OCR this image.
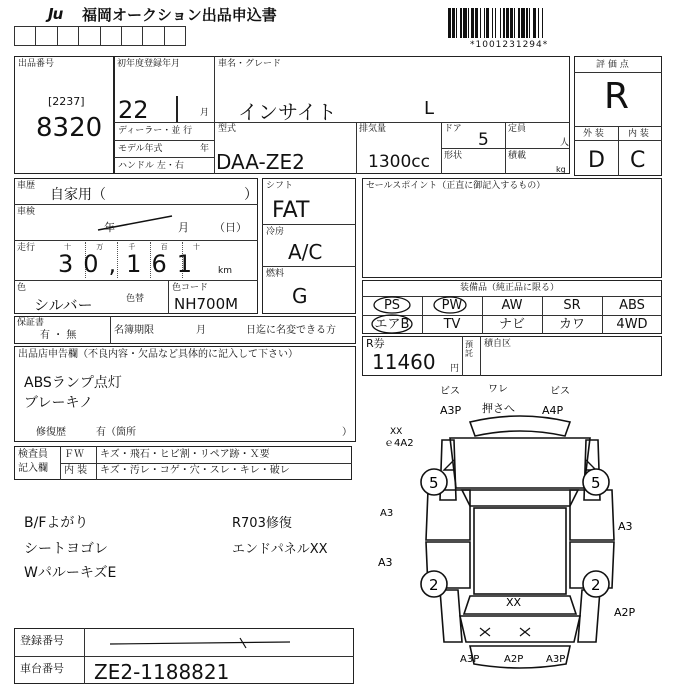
Ju 福岡オークション出品申込書
*1001231294*
出品番号
[2237]
8320
初年度登録年月
22	月
車名・グレード
インサイト	L
ディーラー・並 行
モデル年式	年
ハンドル 左・右
型式
DAA-ZE2
排気量
1300cc
ドア
5
定員
人
形状	積載
kg
評 価 点
R
外 装	内 装
D C
車歴
自家用（	）
車検
年	月 （日）
走行	十	万	千	百	十
30,161 km
色
シルバー	色替
色コード
NH700M
シフト
FAT
冷房
A/C
燃料
G
セールスポイント（正直に御記入するもの）
装備品（純正品に限る）
PS	PW	AW	SR	ABS
エアB	TV	ナビ	カワ	4WD
R券
11460 円
預託
積自区
保証書
有 ・ 無	名簿期限	月	日迄に名変できる方
出品店申告欄（不良内容・欠品など具体的に記入して下さい）
ABSランプ点灯
ブレーキノ
修復歴	有（箇所	）
検査員
記入欄
ＦＷ キズ・飛石・ヒビ割・リペア跡・Ｘ要
内 装 キズ・汚レ・コゲ・穴・スレ・キレ・破レ
B/Fよがり
シートヨゴレ
WパルーキズE
R703修復
エンドパネルXX
5	5
2	2
ビス	ワレ	ビス
A3P 押さへ A4P
XX
ｅ4A2
A3
A3
A3
XX
A2P
A3P A2P A3P
登録番号
車台番号 ZE2-1188821
